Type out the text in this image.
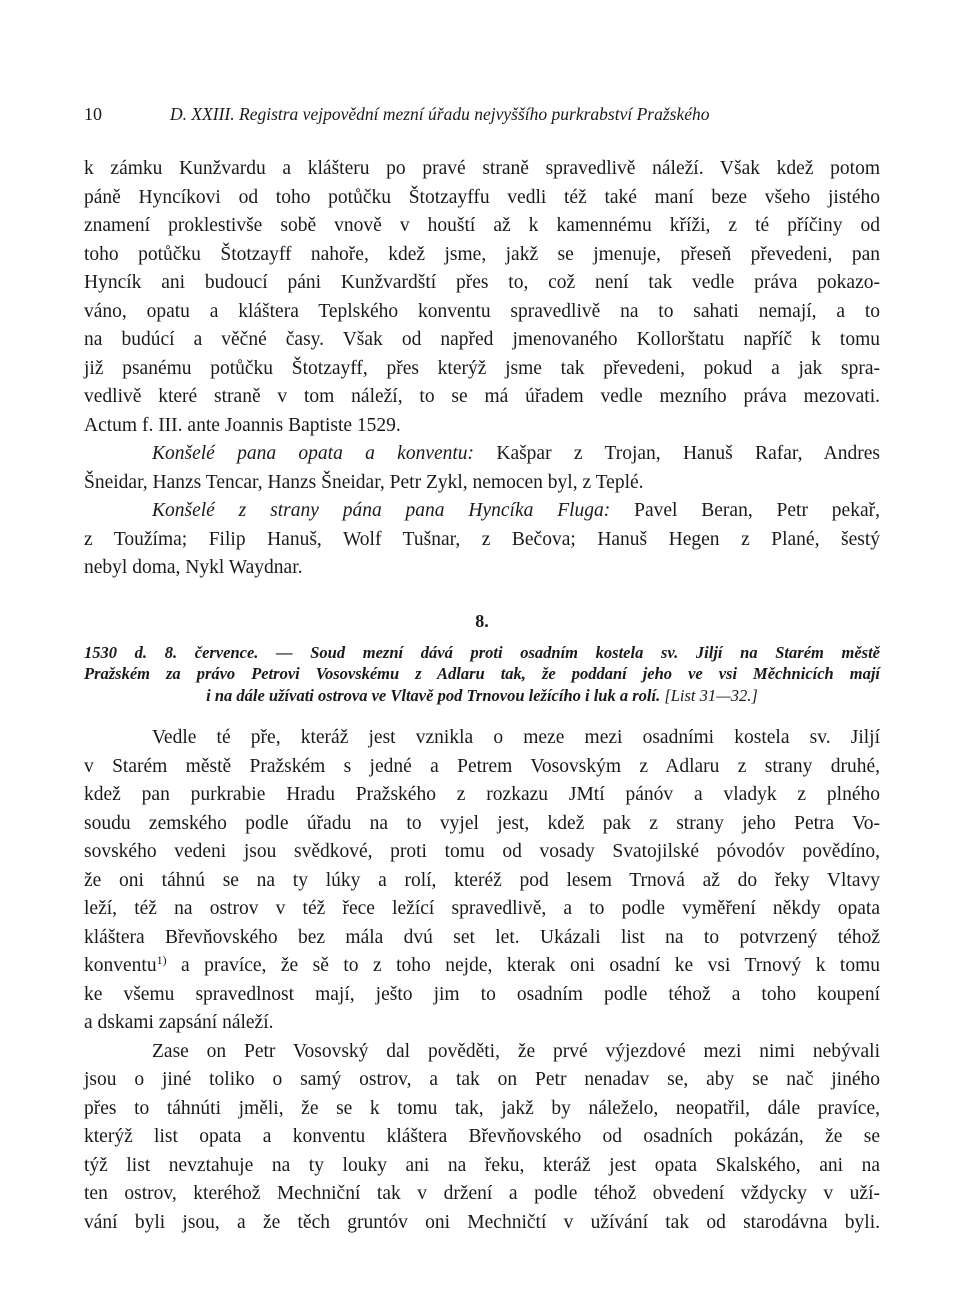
10	D. XXIII. Registra vejpovědní mezní úřadu nejvyššího purkrabství Pražského
k zámku Kunžvardu a klášteru po pravé straně spravedlivě náleží. Však kdež potom
páně Hyncíkovi od toho potůčku Štotzayffu vedli též také maní beze všeho jistého
znamení proklestivše sobě vnově v houští až k kamennému kříži, z té příčiny od
toho potůčku Štotzayff nahoře, kdež jsme, jakž se jmenuje, přeseň převedeni, pan
Hyncík ani budoucí páni Kunžvardští přes to, což není tak vedle práva pokazo-
váno, opatu a kláštera Teplského konventu spravedlivě na to sahati nemají, a to
na budúcí a věčné časy. Však od napřed jmenovaného Kollorštatu napříč k tomu
již psanému potůčku Štotzayff, přes kterýž jsme tak převedeni, pokud a jak spra-
vedlivě které straně v tom náleží, to se má úřadem vedle mezního práva mezovati.
Actum f. III. ante Joannis Baptiste 1529.
Konšelé pana opata a konventu: Kašpar z Trojan, Hanuš Rafar, Andres
Šneidar, Hanzs Tencar, Hanzs Šneidar, Petr Zykl, nemocen byl, z Teplé.
Konšelé z strany pána pana Hyncíka Fluga: Pavel Beran, Petr pekař,
z Toužíma; Filip Hanuš, Wolf Tušnar, z Bečova; Hanuš Hegen z Plané, šestý
nebyl doma, Nykl Waydnar.
8.
1530 d. 8. července. — Soud mezní dává proti osadním kostela sv. Jiljí na Starém městě
Pražském za právo Petrovi Vosovskému z Adlaru tak, že poddaní jeho ve vsi Měchnicích mají
i na dále užívati ostrova ve Vltavě pod Trnovou ležícího i luk a rolí. [List 31—32.]
Vedle té pře, kteráž jest vznikla o meze mezi osadními kostela sv. Jiljí
v Starém městě Pražském s jedné a Petrem Vosovským z Adlaru z strany druhé,
kdež pan purkrabie Hradu Pražského z rozkazu JMtí pánóv a vladyk z plného
soudu zemského podle úřadu na to vyjel jest, kdež pak z strany jeho Petra Vo-
sovského vedeni jsou svědkové, proti tomu od vosady Svatojilské póvodóv povědíno,
že oni táhnú se na ty lúky a rolí, kteréž pod lesem Trnová až do řeky Vltavy
leží, též na ostrov v též řece ležící spravedlivě, a to podle vyměření někdy opata
kláštera Břevňovského bez mála dvú set let. Ukázali list na to potvrzený téhož
konventu$^{1)}$ a pravíce, že sě to z toho nejde, kterak oni osadní ke vsi Trnový k tomu
ke všemu spravedlnost mají, ješto jim to osadním podle téhož a toho koupení
a dskami zapsání náleží.
Zase on Petr Vosovský dal pověděti, že prvé výjezdové mezi nimi nebývali
jsou o jiné toliko o samý ostrov, a tak on Petr nenadav se, aby se nač jiného
přes to táhnúti jměli, že se k tomu tak, jakž by náleželo, neopatřil, dále pravíce,
kterýž list opata a konventu kláštera Břevňovského od osadních pokázán, že se
týž list nevztahuje na ty louky ani na řeku, kteráž jest opata Skalského, ani na
ten ostrov, kteréhož Mechniční tak v držení a podle téhož obvedení vždycky v uží-
vání byli jsou, a že těch gruntóv oni Mechničtí v užívání tak od starodávna byli.
